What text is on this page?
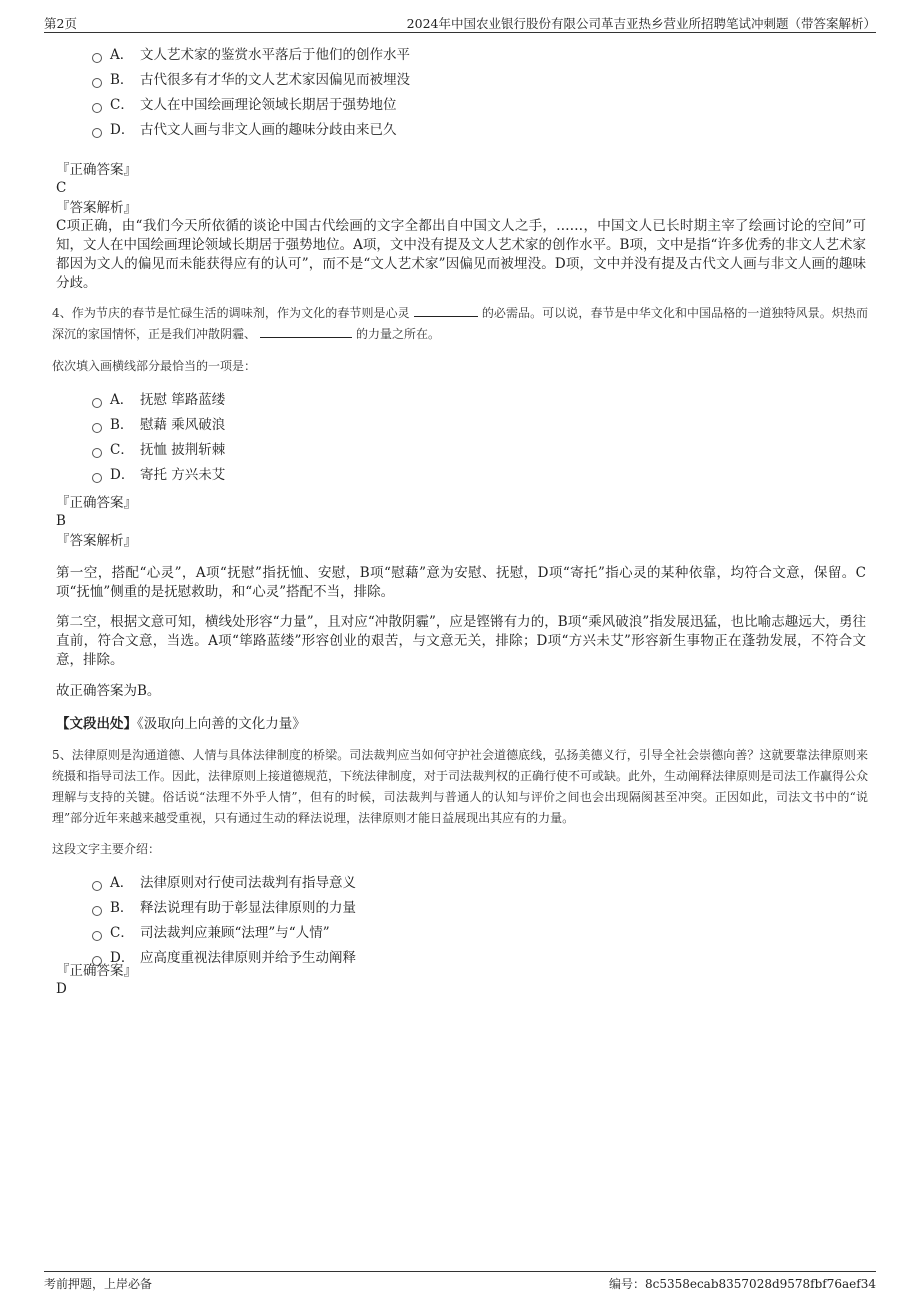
第2页	2024年中国农业银行股份有限公司革吉亚热乡营业所招聘笔试冲刺题（带答案解析）
A． 文人艺术家的鉴赏水平落后于他们的创作水平
B． 古代很多有才华的文人艺术家因偏见而被埋没
C． 文人在中国绘画理论领域长期居于强势地位
D． 古代文人画与非文人画的趣味分歧由来已久
『正确答案』
C
『答案解析』
C项正确，由“我们今天所依循的谈论中国古代绘画的文字全都出自中国文人之手，……，中国文人已长时期主宰了绘画讨论的空间”可知，文人在中国绘画理论领域长期居于强势地位。A项，文中没有提及文人艺术家的创作水平。B项，文中是指“许多优秀的非文人艺术家都因为文人的偏见而未能获得应有的认可”，而不是“文人艺术家”因偏见而被埋没。D项，文中并没有提及古代文人画与非文人画的趣味分歧。
4、作为节庆的春节是忙碌生活的调味剂，作为文化的春节则是心灵	的必需品。可以说，春节是中华文化和中国品格的一道独特风景。炽热而深沉的家国情怀，正是我们冲散阴霾、	的力量之所在。
依次填入画横线部分最恰当的一项是：
A． 抚慰 筚路蓝缕
B． 慰藉 乘风破浪
C． 抚恤 披荆斩棘
D． 寄托 方兴未艾
『正确答案』
B
『答案解析』
第一空，搭配“心灵”，A项“抚慰”指抚恤、安慰，B项“慰藉”意为安慰、抚慰，D项“寄托”指心灵的某种依靠，均符合文意，保留。C项“抚恤”侧重的是抚慰救助，和“心灵”搭配不当，排除。
第二空，根据文意可知，横线处形容“力量”，且对应“冲散阴霾”，应是铿锵有力的，B项“乘风破浪”指发展迅猛，也比喻志趣远大，勇往直前，符合文意，当选。A项“筚路蓝缕”形容创业的艰苦，与文意无关，排除；D项“方兴未艾”形容新生事物正在蓬勃发展，不符合文意，排除。
故正确答案为B。
【文段出处】《汲取向上向善的文化力量》
5、法律原则是沟通道德、人情与具体法律制度的桥梁。司法裁判应当如何守护社会道德底线，弘扬美德义行，引导全社会崇德向善？这就要靠法律原则来统摄和指导司法工作。因此，法律原则上接道德规范，下统法律制度，对于司法裁判权的正确行使不可或缺。此外，生动阐释法律原则是司法工作赢得公众理解与支持的关键。俗话说“法理不外乎人情”，但有的时候，司法裁判与普通人的认知与评价之间也会出现隔阂甚至冲突。正因如此，司法文书中的“说理”部分近年来越来越受重视，只有通过生动的释法说理，法律原则才能日益展现出其应有的力量。
这段文字主要介绍：
A． 法律原则对行使司法裁判有指导意义
B． 释法说理有助于彰显法律原则的力量
C． 司法裁判应兼顾“法理”与“人情”
D． 应高度重视法律原则并给予生动阐释
『正确答案』
D
考前押题，上岸必备	编号：8c5358ecab8357028d9578fbf76aef34
